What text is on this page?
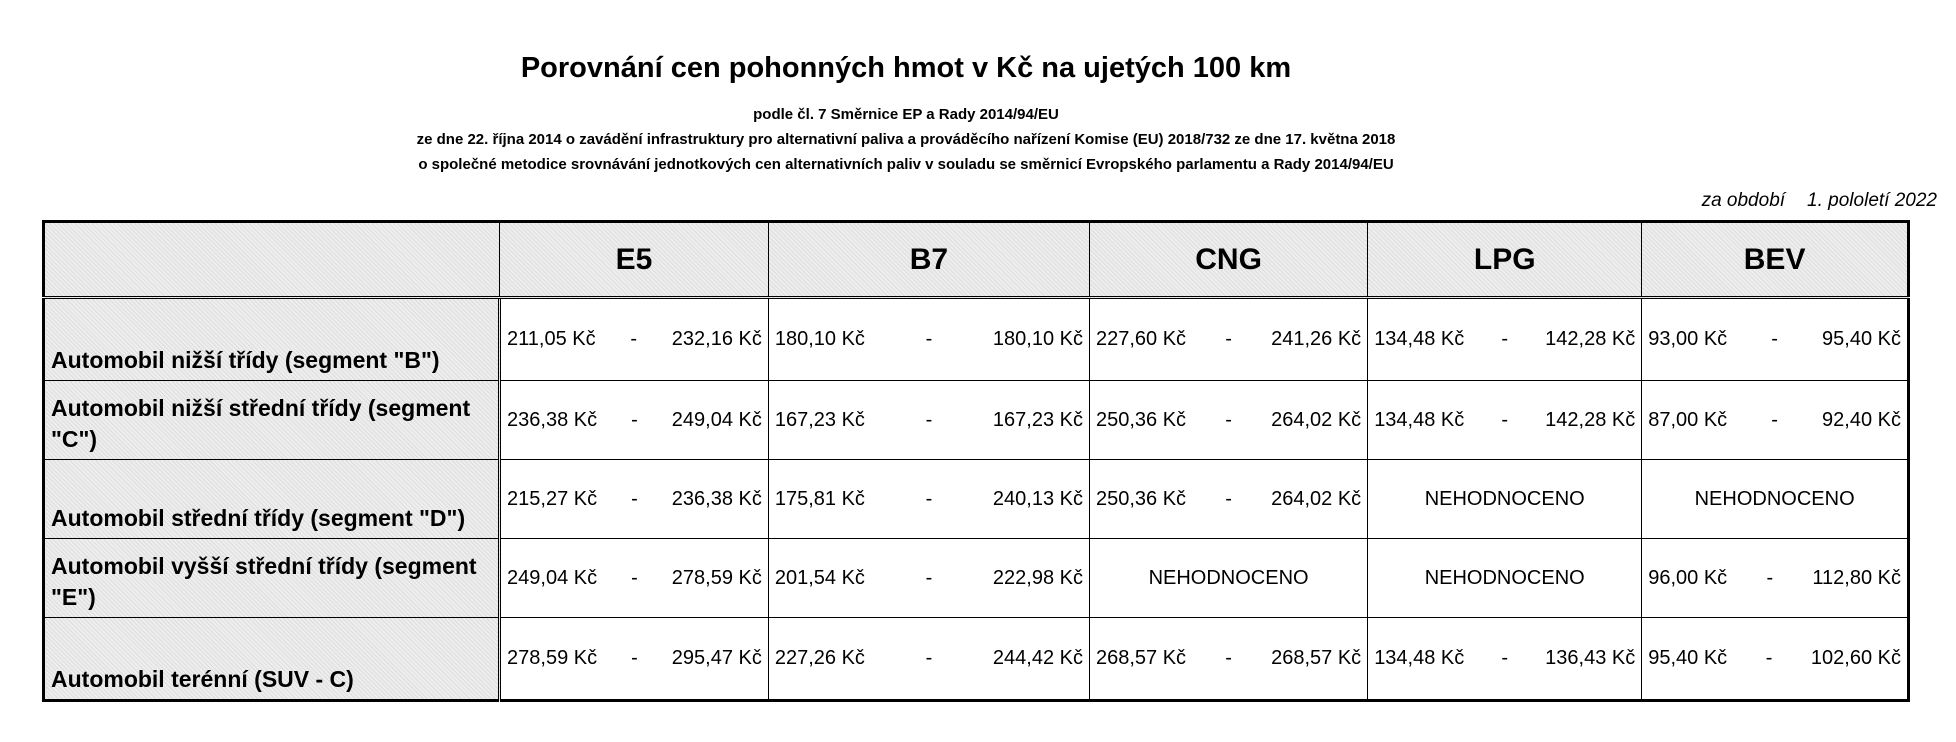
Porovnání cen pohonných hmot v Kč na ujetých 100 km
podle čl. 7 Směrnice EP a Rady 2014/94/EU
ze dne 22. října 2014 o zavádění infrastruktury pro alternativní paliva a prováděcího nařízení Komise (EU) 2018/732 ze dne 17. května 2018
o společné metodice srovnávání jednotkových cen alternativních paliv v souladu se směrnicí Evropského parlamentu a Rady 2014/94/EU
za období 1. pololetí 2022
	E5	B7	CNG	LPG	BEV
Automobil nižší třídy (segment "B")	211,05 Kč - 232,16 Kč	180,10 Kč - 180,10 Kč	227,60 Kč - 241,26 Kč	134,48 Kč - 142,28 Kč	93,00 Kč - 95,40 Kč

Automobil nižší střední třídy (segment "C")	236,38 Kč - 249,04 Kč	167,23 Kč - 167,23 Kč	250,36 Kč - 264,02 Kč	134,48 Kč - 142,28 Kč	87,00 Kč - 92,40 Kč

Automobil střední třídy (segment "D")	215,27 Kč - 236,38 Kč	175,81 Kč - 240,13 Kč	250,36 Kč - 264,02 Kč	NEHODNOCENO	NEHODNOCENO
Automobil vyšší střední třídy (segment "E")	249,04 Kč - 278,59 Kč	201,54 Kč - 222,98 Kč	NEHODNOCENO	NEHODNOCENO	96,00 Kč - 112,80 Kč

Automobil terénní (SUV - C)	278,59 Kč - 295,47 Kč	227,26 Kč - 244,42 Kč	268,57 Kč - 268,57 Kč	134,48 Kč - 136,43 Kč	95,40 Kč - 102,60 Kč
